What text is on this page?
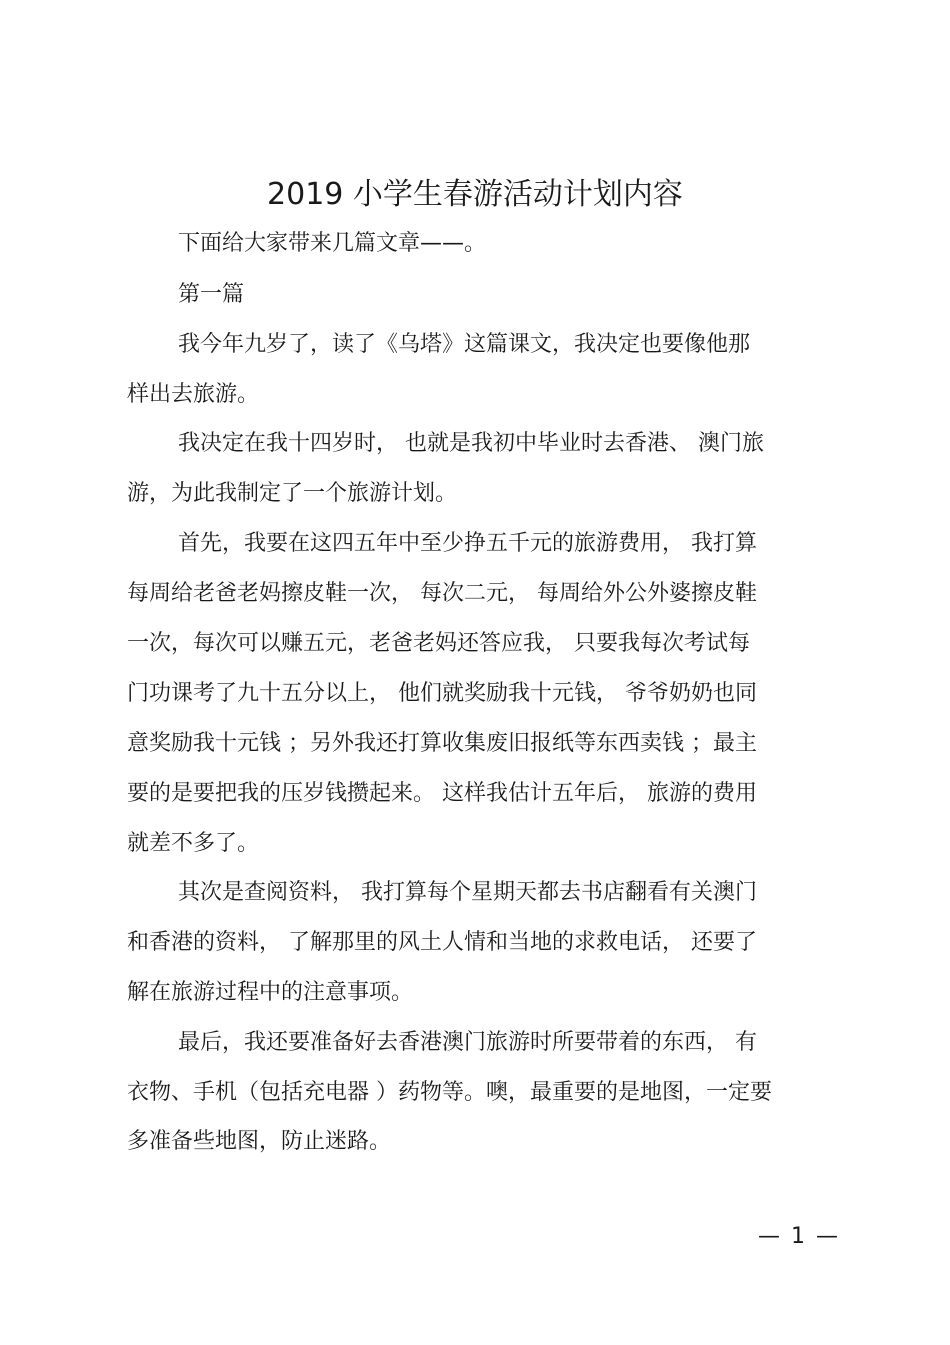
2019 小学生春游活动计划内容
下面给大家带来几篇文章——。
第一篇
我今年九岁了，读了《乌塔》这篇课文，我决定也要像他那
样出去旅游。
我决定在我十四岁时， 也就是我初中毕业时去香港、 澳门旅
游，为此我制定了一个旅游计划。
首先，我要在这四五年中至少挣五千元的旅游费用， 我打算
每周给老爸老妈擦皮鞋一次， 每次二元， 每周给外公外婆擦皮鞋
一次，每次可以赚五元，老爸老妈还答应我， 只要我每次考试每
门功课考了九十五分以上， 他们就奖励我十元钱， 爷爷奶奶也同
意奖励我十元钱 ；另外我还打算收集废旧报纸等东西卖钱 ；最主
要的是要把我的压岁钱攒起来。 这样我估计五年后， 旅游的费用
就差不多了。
其次是查阅资料， 我打算每个星期天都去书店翻看有关澳门
和香港的资料， 了解那里的风土人情和当地的求救电话， 还要了
解在旅游过程中的注意事项。
最后，我还要准备好去香港澳门旅游时所要带着的东西， 有
衣物、手机（包括充电器 ）药物等。噢，最重要的是地图，一定要
多准备些地图，防止迷路。
— 1 —
